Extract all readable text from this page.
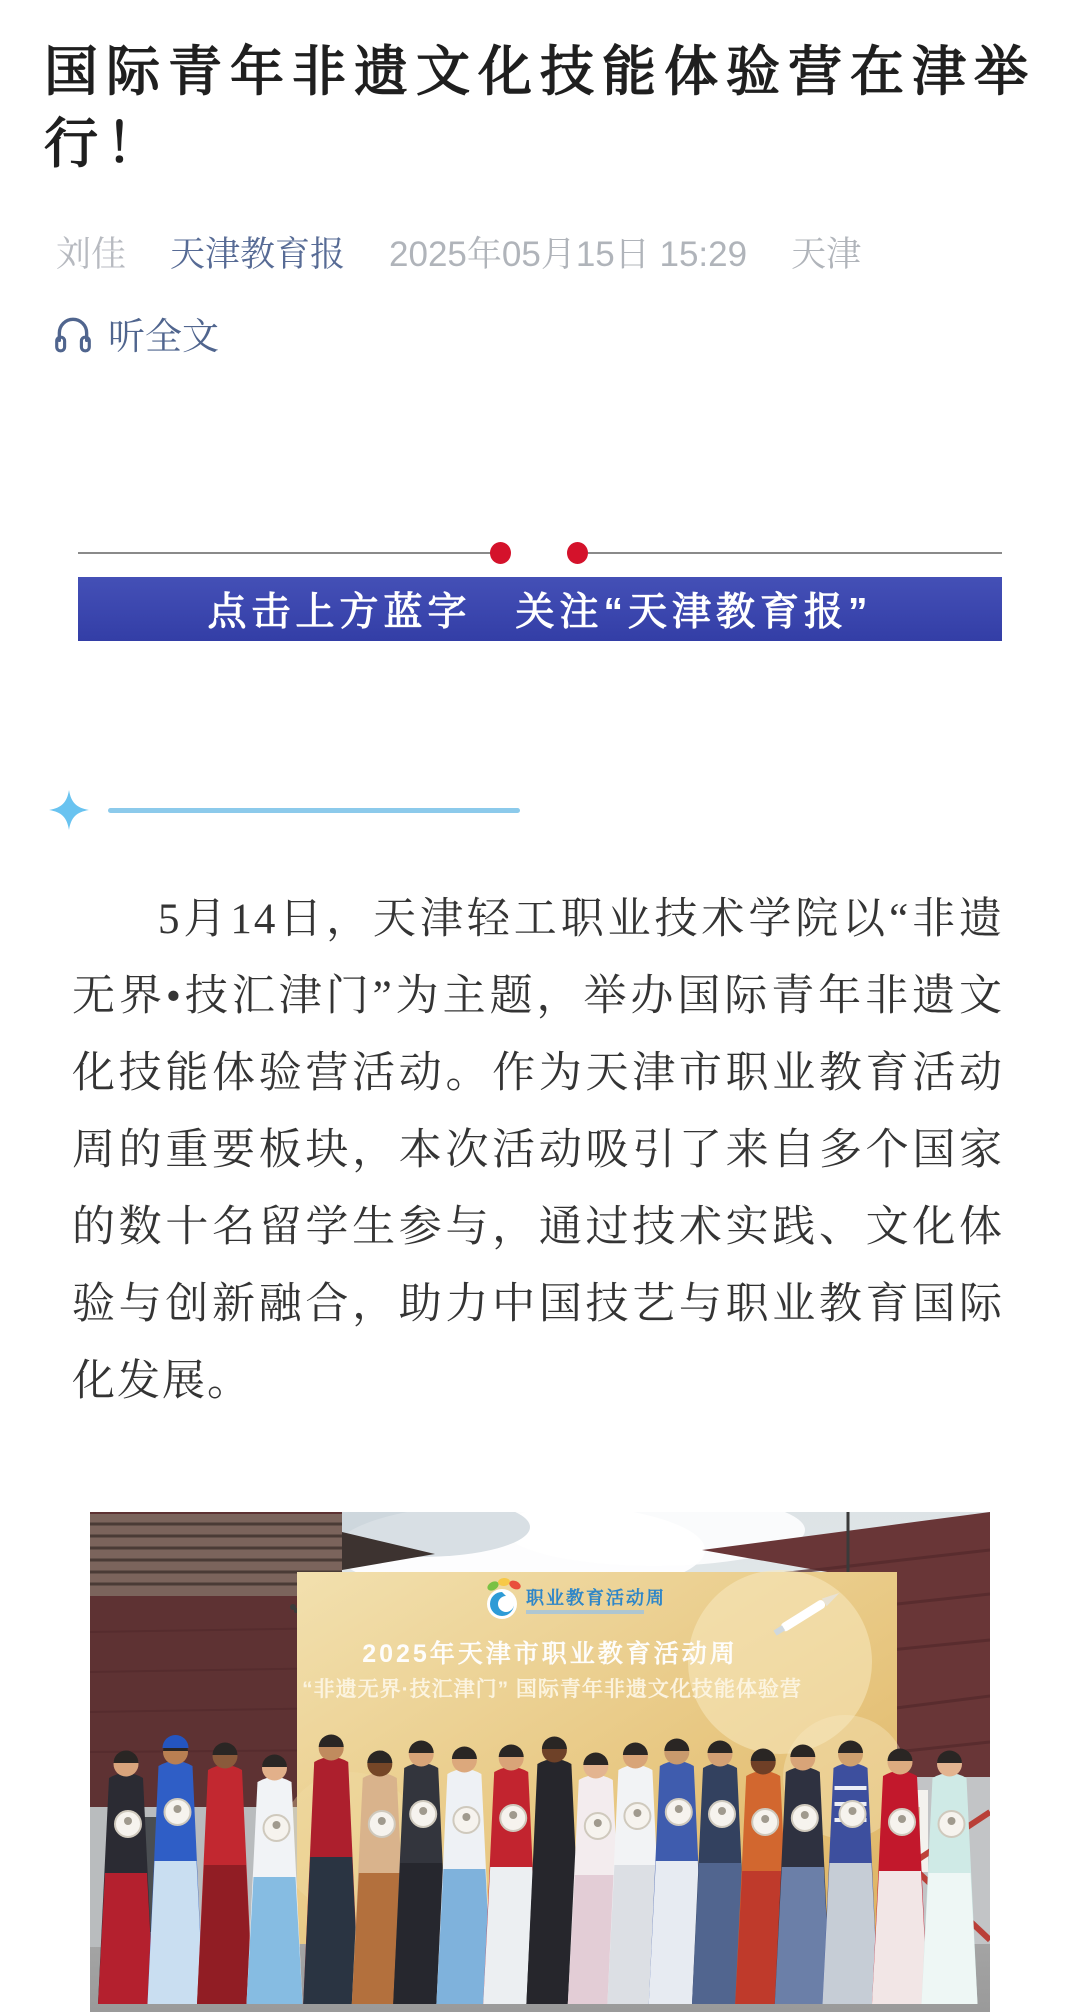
国际青年非遗文化技能体验营在津举行！
刘佳 天津教育报 2025年05月15日 15:29 天津
听全文
点击上方蓝字　关注“天津教育报”

5月14日，天津轻工职业技术学院以“非遗无界•技汇津门”为主题，举办国际青年非遗文化技能体验营活动。作为天津市职业教育活动周的重要板块，本次活动吸引了来自多个国家的数十名留学生参与，通过技术实践、文化体验与创新融合，助力中国技艺与职业教育国际化发展。

职业教育活动周
2025年天津市职业教育活动周
“非遗无界·技汇津门” 国际青年非遗文化技能体验营
